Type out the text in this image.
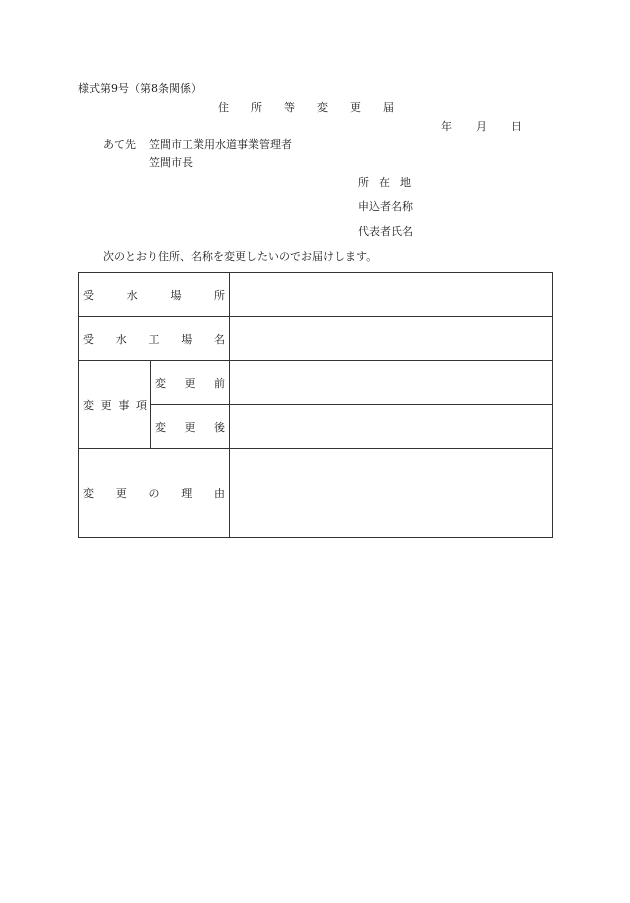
様式第9号（第8条関係）
住 所 等 変 更 届
年 月 日
あて先 笠間市工業用水道事業管理者
笠間市長
所 在 地
申込者名称
代表者氏名
次のとおり住所、名称を変更したいのでお届けします。
受 水 場 所		

受 水 工 場 名		

変 更 事 項	変 更 前	

	変 更 後	

変 更 の 理 由		
